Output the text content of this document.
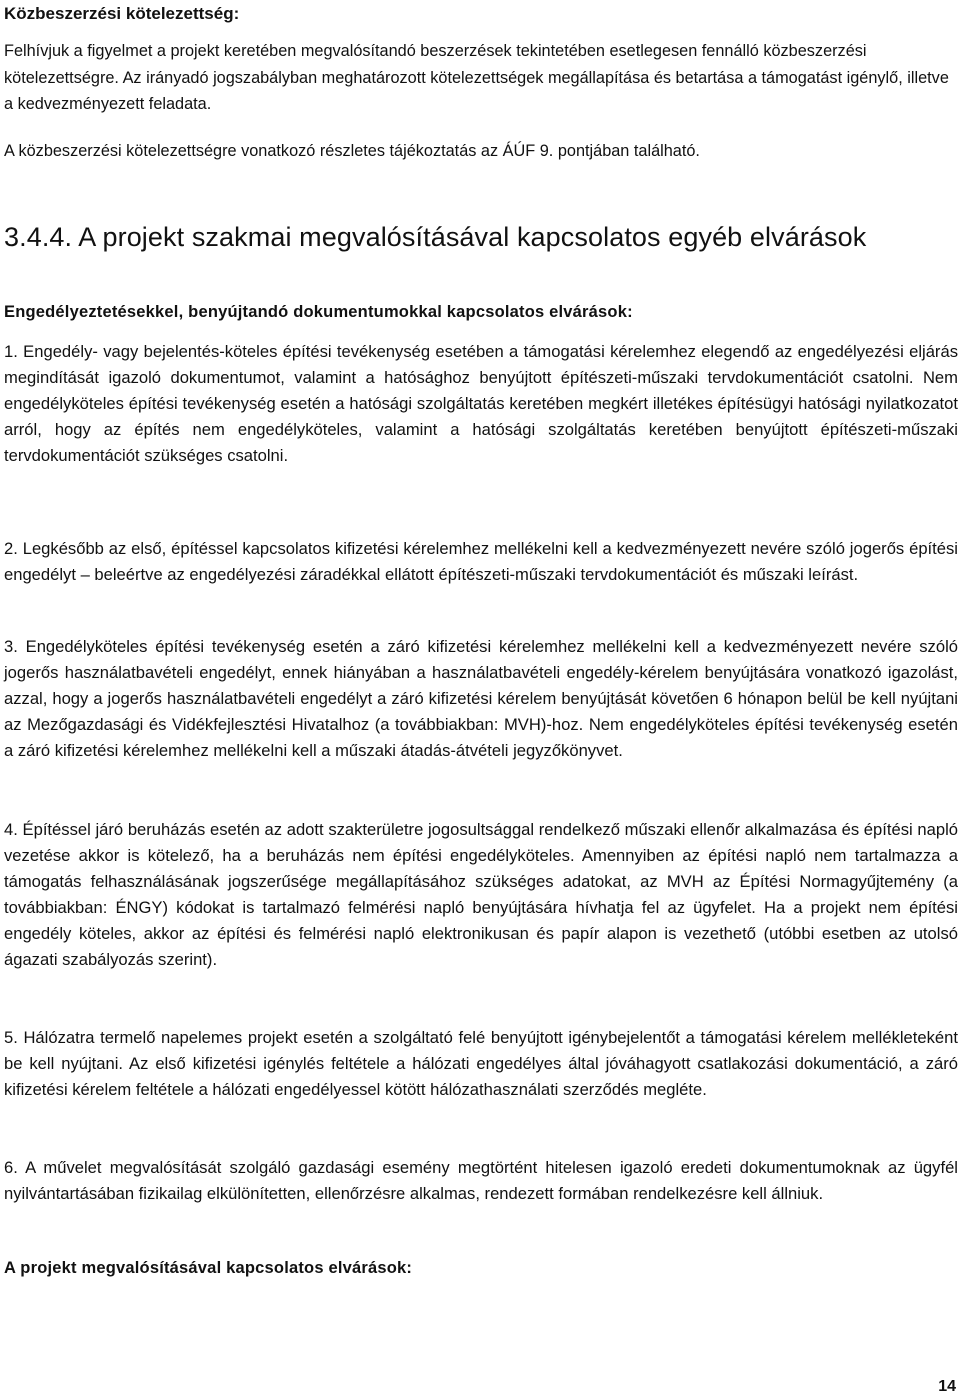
Közbeszerzési kötelezettség:

Felhívjuk a figyelmet a projekt keretében megvalósítandó beszerzések tekintetében esetlegesen fennálló közbeszerzési kötelezettségre. Az irányadó jogszabályban meghatározott kötelezettségek megállapítása és betartása a támogatást igénylő, illetve a kedvezményezett feladata.

A közbeszerzési kötelezettségre vonatkozó részletes tájékoztatás az ÁÚF 9. pontjában található.

3.4.4. A projekt szakmai megvalósításával kapcsolatos egyéb elvárások

Engedélyeztetésekkel, benyújtandó dokumentumokkal kapcsolatos elvárások:

1. Engedély- vagy bejelentés-köteles építési tevékenység esetében a támogatási kérelemhez elegendő az engedélyezési eljárás megindítását igazoló dokumentumot, valamint a hatósághoz benyújtott építészeti-műszaki tervdokumentációt csatolni. Nem engedélyköteles építési tevékenység esetén a hatósági szolgáltatás keretében megkért illetékes építésügyi hatósági nyilatkozatot arról, hogy az építés nem engedélyköteles, valamint a hatósági szolgáltatás keretében benyújtott építészeti-műszaki tervdokumentációt szükséges csatolni.

2. Legkésőbb az első, építéssel kapcsolatos kifizetési kérelemhez mellékelni kell a kedvezményezett nevére szóló jogerős építési engedélyt – beleértve az engedélyezési záradékkal ellátott építészeti-műszaki tervdokumentációt és műszaki leírást.

3. Engedélyköteles építési tevékenység esetén a záró kifizetési kérelemhez mellékelni kell a kedvezményezett nevére szóló jogerős használatbavételi engedélyt, ennek hiányában a használatbavételi engedély-kérelem benyújtására vonatkozó igazolást, azzal, hogy a jogerős használatbavételi engedélyt a záró kifizetési kérelem benyújtását követően 6 hónapon belül be kell nyújtani az Mezőgazdasági és Vidékfejlesztési Hivatalhoz (a továbbiakban: MVH)-hoz. Nem engedélyköteles építési tevékenység esetén a záró kifizetési kérelemhez mellékelni kell a műszaki átadás-átvételi jegyzőkönyvet.

4. Építéssel járó beruházás esetén az adott szakterületre jogosultsággal rendelkező műszaki ellenőr alkalmazása és építési napló vezetése akkor is kötelező, ha a beruházás nem építési engedélyköteles. Amennyiben az építési napló nem tartalmazza a támogatás felhasználásának jogszerűsége megállapításához szükséges adatokat, az MVH az Építési Normagyűjtemény (a továbbiakban: ÉNGY) kódokat is tartalmazó felmérési napló benyújtására hívhatja fel az ügyfelet. Ha a projekt nem építési engedély köteles, akkor az építési és felmérési napló elektronikusan és papír alapon is vezethető (utóbbi esetben az utolsó ágazati szabályozás szerint).

5. Hálózatra termelő napelemes projekt esetén a szolgáltató felé benyújtott igénybejelentőt a támogatási kérelem mellékleteként be kell nyújtani. Az első kifizetési igénylés feltétele a hálózati engedélyes által jóváhagyott csatlakozási dokumentáció, a záró kifizetési kérelem feltétele a hálózati engedélyessel kötött hálózathasználati szerződés megléte.

6. A művelet megvalósítását szolgáló gazdasági esemény megtörtént hitelesen igazoló eredeti dokumentumoknak az ügyfél nyilvántartásában fizikailag elkülönítetten, ellenőrzésre alkalmas, rendezett formában rendelkezésre kell állniuk.

A projekt megvalósításával kapcsolatos elvárások:

14
